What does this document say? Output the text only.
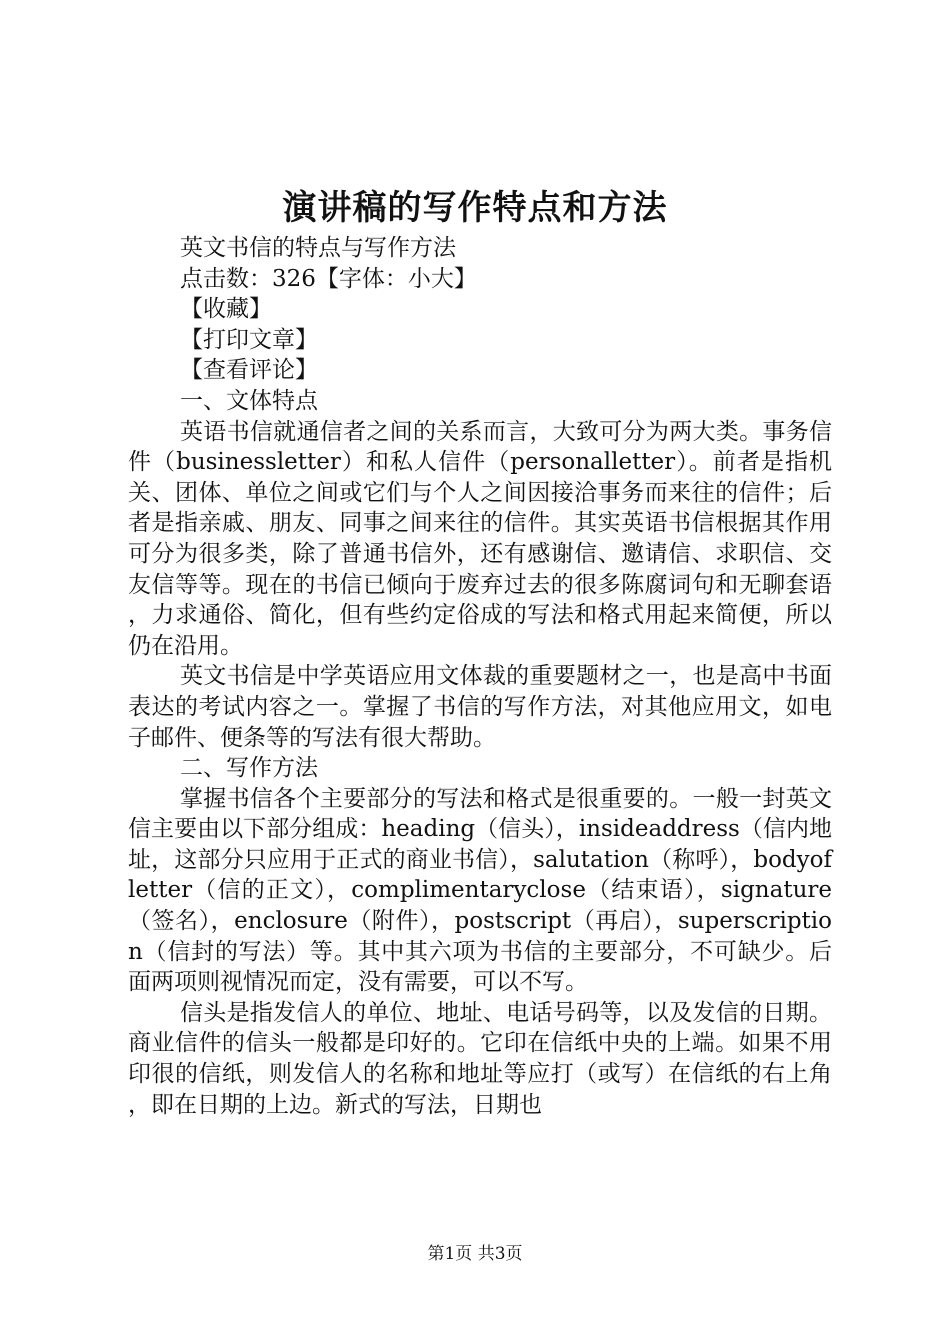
演讲稿的写作特点和方法

英文书信的特点与写作方法

点击数：326【字体：小大】

【收藏】

【打印文章】

【查看评论】

一、文体特点

英语书信就通信者之间的关系而言，大致可分为两大类。事务信件（businessletter）和私人信件（personalletter）。前者是指机关、团体、单位之间或它们与个人之间因接洽事务而来往的信件；后者是指亲戚、朋友、同事之间来往的信件。其实英语书信根据其作用可分为很多类，除了普通书信外，还有感谢信、邀请信、求职信、交友信等等。现在的书信已倾向于废弃过去的很多陈腐词句和无聊套语，力求通俗、简化，但有些约定俗成的写法和格式用起来简便，所以仍在沿用。

英文书信是中学英语应用文体裁的重要题材之一，也是高中书面表达的考试内容之一。掌握了书信的写作方法，对其他应用文，如电子邮件、便条等的写法有很大帮助。

二、写作方法

掌握书信各个主要部分的写法和格式是很重要的。一般一封英文信主要由以下部分组成：heading（信头），insideaddress（信内地址，这部分只应用于正式的商业书信），salutation（称呼），bodyofletter（信的正文），complimentaryclose（结束语），signature（签名），enclosure（附件），postscript（再启），superscription（信封的写法）等。其中其六项为书信的主要部分，不可缺少。后面两项则视情况而定，没有需要，可以不写。

信头是指发信人的单位、地址、电话号码等，以及发信的日期。商业信件的信头一般都是印好的。它印在信纸中央的上端。如果不用印很的信纸，则发信人的名称和地址等应打（或写）在信纸的右上角，即在日期的上边。新式的写法，日期也

第1页 共3页
